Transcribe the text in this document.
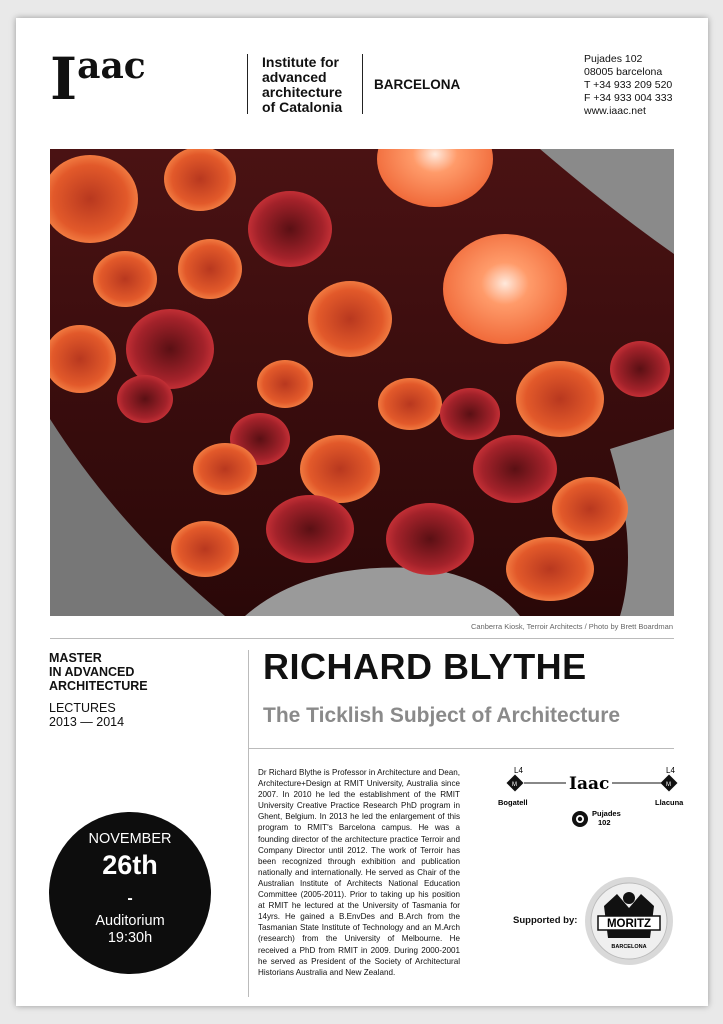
Iaac	Institute for
advanced
architecture
of Catalonia
BARCELONA
Pujades 102
08005 barcelona
T +34 933 209 520
F +34 933 004 333
www.iaac.net
Canberra Kiosk, Terroir Architects / Photo by Brett Boardman
MASTER
IN ADVANCED
ARCHITECTURE
LECTURES
2013 — 2014
RICHARD BLYTHE
The Ticklish Subject of Architecture
Dr Richard Blythe is Professor in Architecture and Dean, Architecture+Design at RMIT University, Australia since 2007. In 2010 he led the establishment of the RMIT University Creative Practice Research PhD program in Ghent, Belgium. In 2013 he led the enlargement of this program to RMIT's Barcelona campus. He was a founding director of the architecture practice Terroir and Company Director until 2012. The work of Terroir has been recognized through exhibition and publication nationally and internationally. He served as Chair of the Australian Institute of Architects National Education Committee (2005-2011). Prior to taking up his position at RMIT he lectured at the University of Tasmania for 14yrs. He gained a B.EnvDes and B.Arch from the Tasmanian State Institute of Technology and an M.Arch (research) from the University of Melbourne. He received a PhD from RMIT in 2009. During 2000-2001 he served as President of the Society of Architectural Historians Australia and New Zealand.
NOVEMBER
26th
-
Auditorium
19:30h
L4
M	Iaac
L4
M
Bogatell	Llacuna
Pujades
102
Supported by:	MORITZ
BARCELONA
